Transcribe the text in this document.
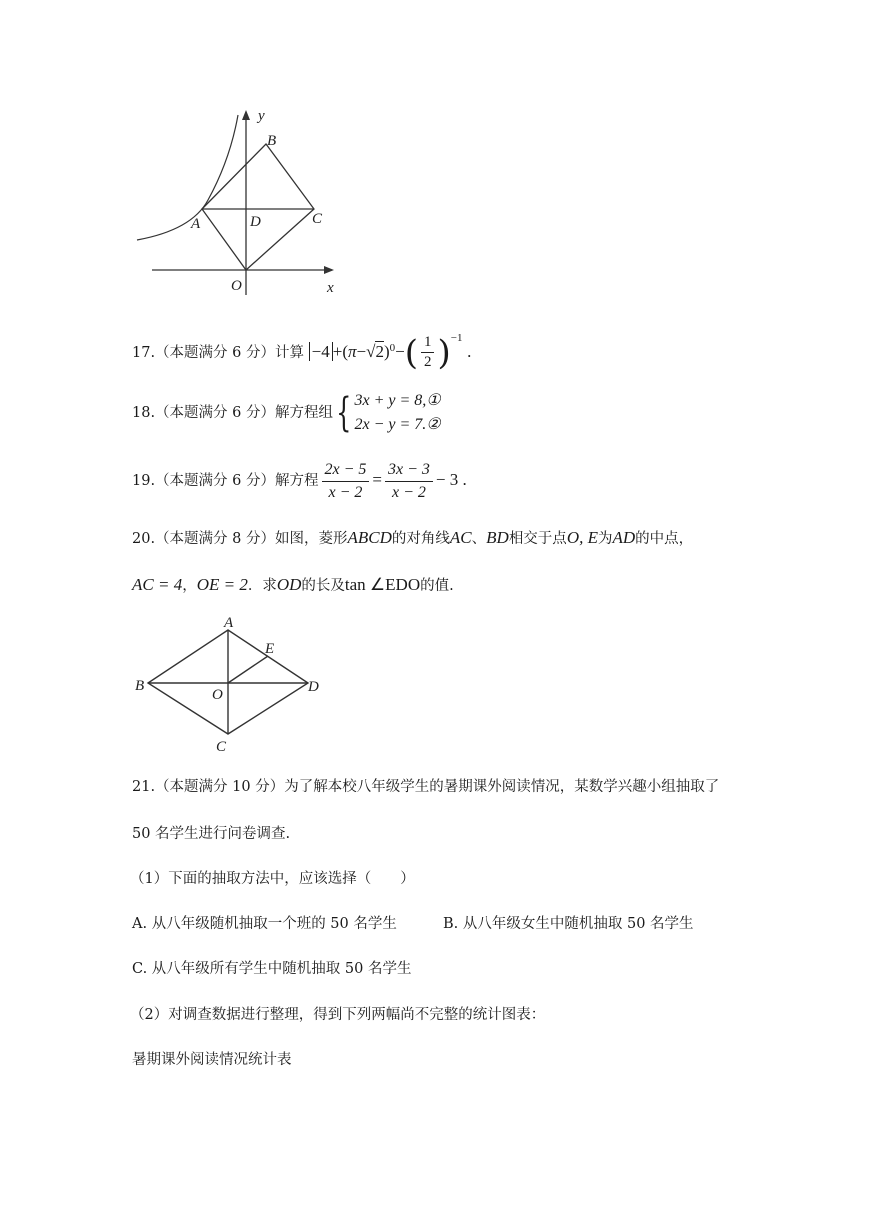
y
B
A	D	C
O	x
17.（本题满分 6 分）计算 $-4 +(\pi-√2)^0-( \frac{1}{2} )^{-1}$ .
18.（本题满分 6 分）解方程组{ 3x + y = 8,①
2x − y = 7.②
19.（本题满分 6 分）解方程 $\frac{2x - 5}{x - 2} = \frac{3x - 3}{x - 2} - 3$ .
20.（本题满分 8 分）如图，菱形ABCD的对角线AC、BD相交于点O, E为AD的中点，
AC = 4，OE = 2．求OD的长及tan ∠EDO的值.
A
E
B
O	D
C
21.（本题满分 10 分）为了解本校八年级学生的暑期课外阅读情况，某数学兴趣小组抽取了
50 名学生进行问卷调查.
（1）下面的抽取方法中，应该选择（　　）
A. 从八年级随机抽取一个班的 50 名学生	B. 从八年级女生中随机抽取 50 名学生
C. 从八年级所有学生中随机抽取 50 名学生
（2）对调查数据进行整理，得到下列两幅尚不完整的统计图表：
暑期课外阅读情况统计表
